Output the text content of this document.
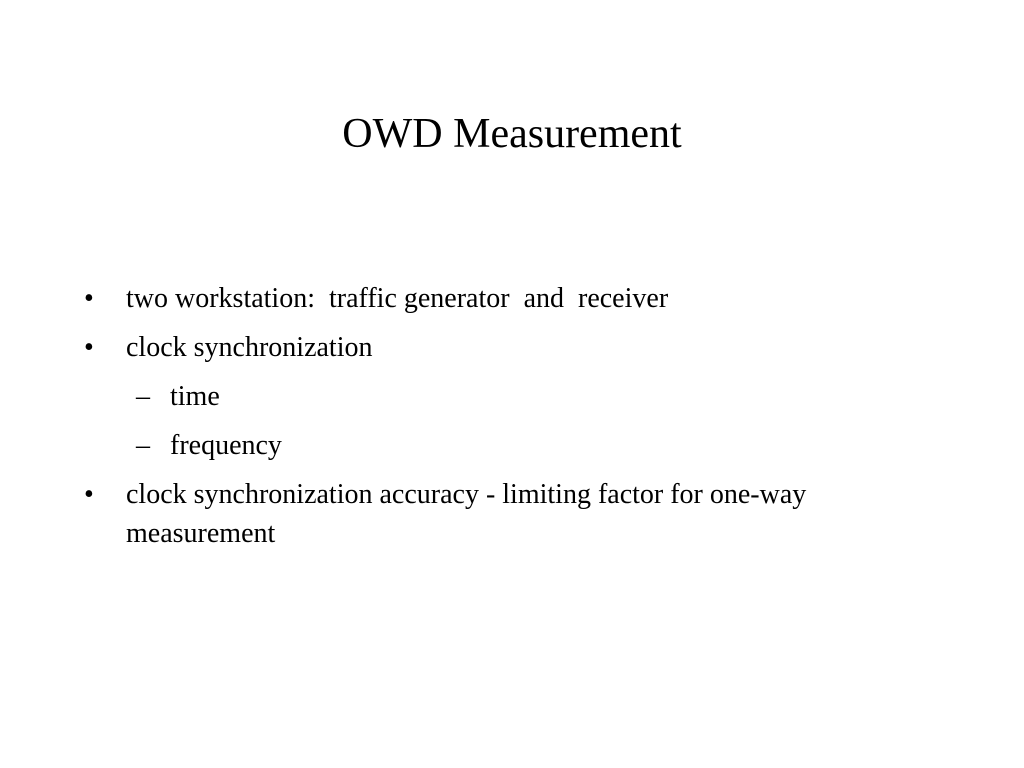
OWD Measurement
•	two workstation:  traffic generator  and  receiver
•	clock synchronization
– time
– frequency
•	clock synchronization accuracy - limiting factor for one-way measurement
